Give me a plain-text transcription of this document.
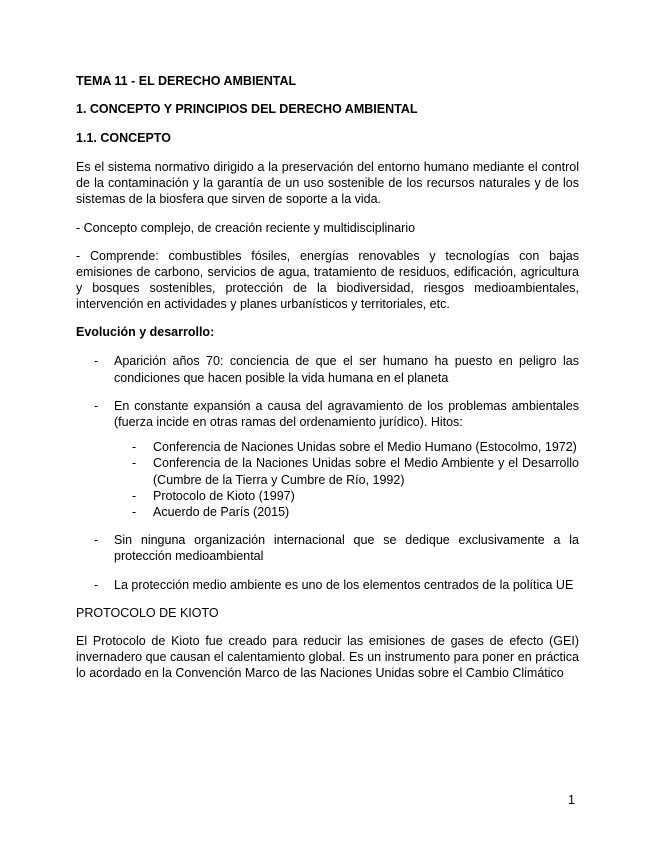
TEMA 11 - EL DERECHO AMBIENTAL
1. CONCEPTO Y PRINCIPIOS DEL DERECHO AMBIENTAL
1.1. CONCEPTO
Es el sistema normativo dirigido a la preservación del entorno humano mediante el control de la contaminación y la garantía de un uso sostenible de los recursos naturales y de los sistemas de la biosfera que sirven de soporte a la vida.
- Concepto complejo, de creación reciente y multidisciplinario
- Comprende: combustibles fósiles, energías renovables y tecnologías con bajas emisiones de carbono, servicios de agua, tratamiento de residuos, edificación, agricultura y bosques sostenibles, protección de la biodiversidad, riesgos medioambientales, intervención en actividades y planes urbanísticos y territoriales, etc.
Evolución y desarrollo:
- Aparición años 70: conciencia de que el ser humano ha puesto en peligro las condiciones que hacen posible la vida humana en el planeta
- En constante expansión a causa del agravamiento de los problemas ambientales (fuerza incide en otras ramas del ordenamiento jurídico). Hitos:
- Conferencia de Naciones Unidas sobre el Medio Humano (Estocolmo, 1972)
- Conferencia de la Naciones Unidas sobre el Medio Ambiente y el Desarrollo (Cumbre de la Tierra y Cumbre de Río, 1992)
- Protocolo de Kioto (1997)
- Acuerdo de París (2015)
- Sin ninguna organización internacional que se dedique exclusivamente a la protección medioambiental
- La protección medio ambiente es uno de los elementos centrados de la política UE
PROTOCOLO DE KIOTO
El Protocolo de Kioto fue creado para reducir las emisiones de gases de efecto (GEI) invernadero que causan el calentamiento global. Es un instrumento para poner en práctica lo acordado en la Convención Marco de las Naciones Unidas sobre el Cambio Climático
1
